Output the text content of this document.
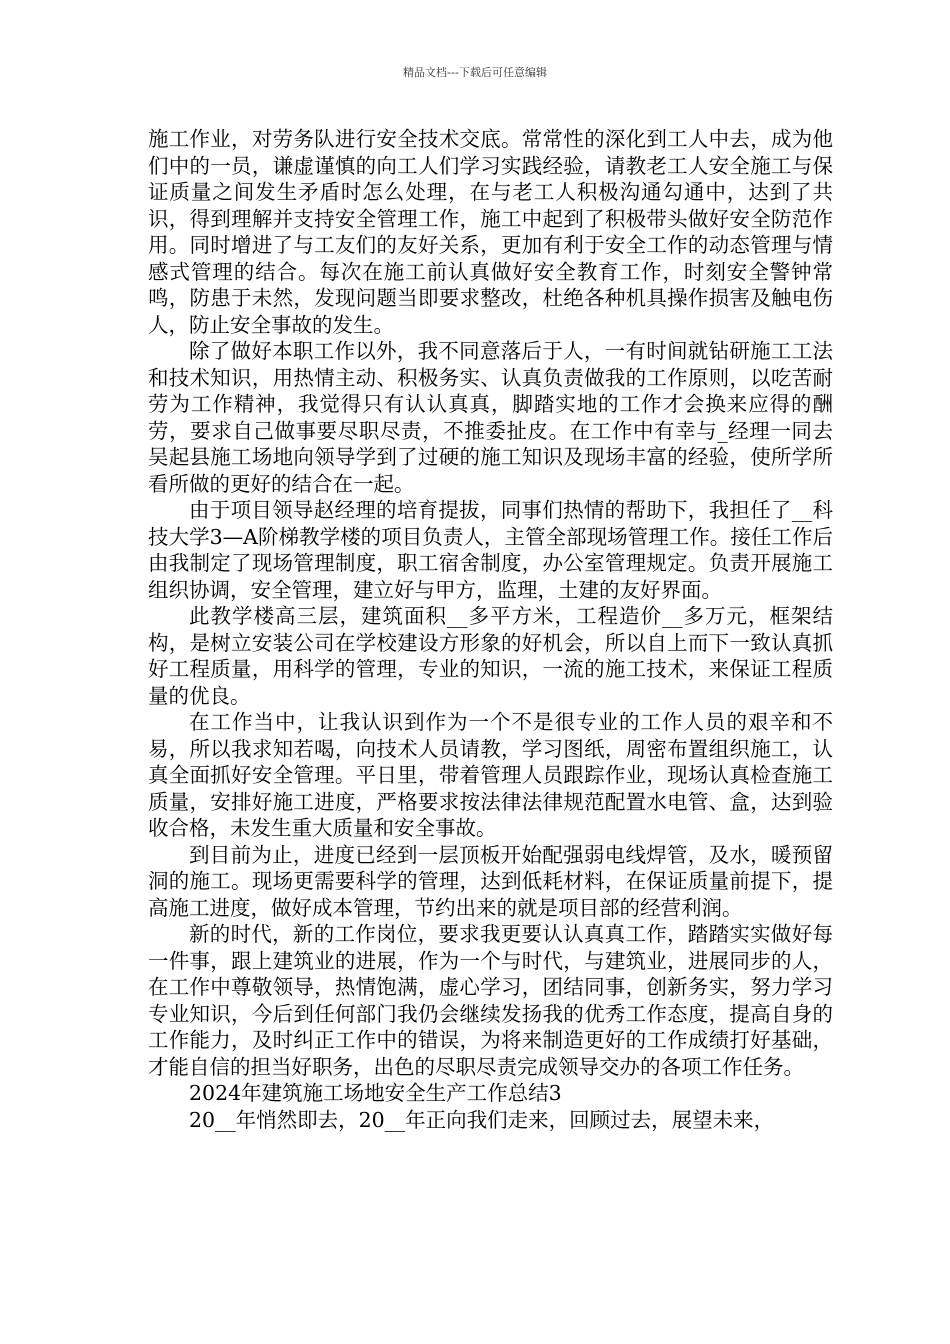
精品文档---下载后可任意编辑

施工作业，对劳务队进行安全技术交底。常常性的深化到工人中去，成为他们中的一员，谦虚谨慎的向工人们学习实践经验，请教老工人安全施工与保证质量之间发生矛盾时怎么处理，在与老工人积极沟通勾通中，达到了共识，得到理解并支持安全管理工作，施工中起到了积极带头做好安全防范作用。同时增进了与工友们的友好关系，更加有利于安全工作的动态管理与情感式管理的结合。每次在施工前认真做好安全教育工作，时刻安全警钟常鸣，防患于未然，发现问题当即要求整改，杜绝各种机具操作损害及触电伤人，防止安全事故的发生。

除了做好本职工作以外，我不同意落后于人，一有时间就钻研施工工法和技术知识，用热情主动、积极务实、认真负责做我的工作原则，以吃苦耐劳为工作精神，我觉得只有认认真真，脚踏实地的工作才会换来应得的酬劳，要求自己做事要尽职尽责，不推委扯皮。在工作中有幸与_经理一同去吴起县施工场地向领导学到了过硬的施工知识及现场丰富的经验，使所学所看所做的更好的结合在一起。

由于项目领导赵经理的培育提拔，同事们热情的帮助下，我担任了__科技大学3—A阶梯教学楼的项目负责人，主管全部现场管理工作。接任工作后由我制定了现场管理制度，职工宿舍制度，办公室管理规定。负责开展施工组织协调，安全管理，建立好与甲方，监理，土建的友好界面。

此教学楼高三层，建筑面积__多平方米，工程造价__多万元，框架结构，是树立安装公司在学校建设方形象的好机会，所以自上而下一致认真抓好工程质量，用科学的管理，专业的知识，一流的施工技术，来保证工程质量的优良。

在工作当中，让我认识到作为一个不是很专业的工作人员的艰辛和不易，所以我求知若喝，向技术人员请教，学习图纸，周密布置组织施工，认真全面抓好安全管理。平日里，带着管理人员跟踪作业，现场认真检查施工质量，安排好施工进度，严格要求按法律法律规范配置水电管、盒，达到验收合格，未发生重大质量和安全事故。

到目前为止，进度已经到一层顶板开始配强弱电线焊管，及水，暖预留洞的施工。现场更需要科学的管理，达到低耗材料，在保证质量前提下，提高施工进度，做好成本管理，节约出来的就是项目部的经营利润。

新的时代，新的工作岗位，要求我更要认认真真工作，踏踏实实做好每一件事，跟上建筑业的进展，作为一个与时代，与建筑业，进展同步的人，在工作中尊敬领导，热情饱满，虚心学习，团结同事，创新务实，努力学习专业知识，今后到任何部门我仍会继续发扬我的优秀工作态度，提高自身的工作能力，及时纠正工作中的错误，为将来制造更好的工作成绩打好基础，才能自信的担当好职务，出色的尽职尽责完成领导交办的各项工作任务。

2024年建筑施工场地安全生产工作总结3

20__年悄然即去，20__年正向我们走来，回顾过去，展望未来，
